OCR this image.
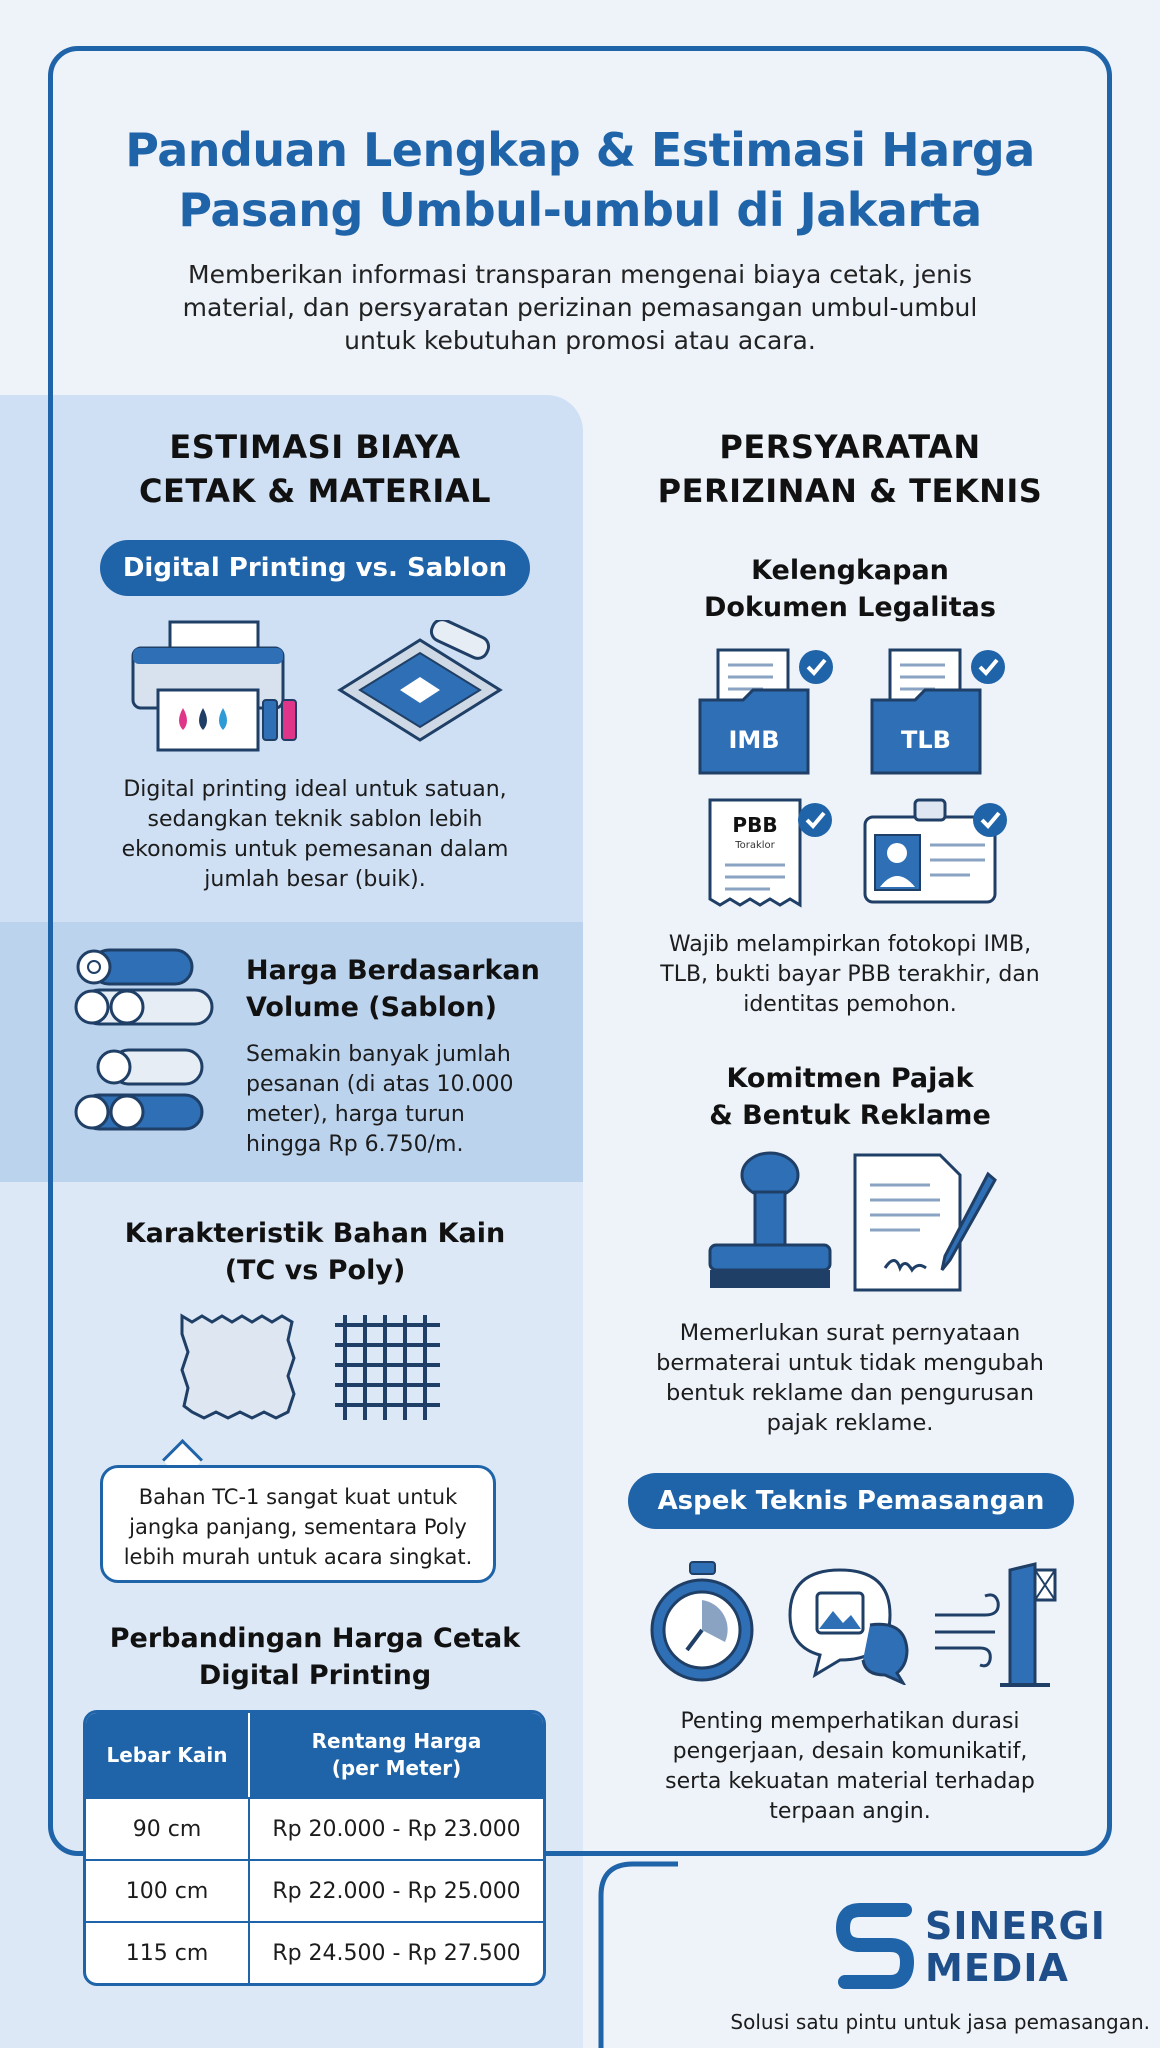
Panduan Lengkap & Estimasi Harga
Pasang Umbul-umbul di Jakarta
Memberikan informasi transparan mengenai biaya cetak, jenis
material, dan persyaratan perizinan pemasangan umbul-umbul
untuk kebutuhan promosi atau acara.
ESTIMASI BIAYA
CETAK & MATERIAL
Digital Printing vs. Sablon
Digital printing ideal untuk satuan,
sedangkan teknik sablon lebih
ekonomis untuk pemesanan dalam
jumlah besar (buik).
Harga Berdasarkan
Volume (Sablon)
Semakin banyak jumlah
pesanan (di atas 10.000
meter), harga turun
hingga Rp 6.750/m.
Karakteristik Bahan Kain
(TC vs Poly)
Bahan TC-1 sangat kuat untuk
jangka panjang, sementara Poly
lebih murah untuk acara singkat.
Perbandingan Harga Cetak
Digital Printing
Lebar Kain	Rentang Harga
(per Meter)
90 cm	Rp 20.000 - Rp 23.000
100 cm	Rp 22.000 - Rp 25.000
115 cm	Rp 24.500 - Rp 27.500
PERSYARATAN
PERIZINAN & TEKNIS
Kelengkapan
Dokumen Legalitas
IMB	TLB
PBB
Toraklor
Wajib melampirkan fotokopi IMB,
TLB, bukti bayar PBB terakhir, dan
identitas pemohon.
Komitmen Pajak
& Bentuk Reklame
Memerlukan surat pernyataan
bermaterai untuk tidak mengubah
bentuk reklame dan pengurusan
pajak reklame.
Aspek Teknis Pemasangan
Penting memperhatikan durasi
pengerjaan, desain komunikatif,
serta kekuatan material terhadap
terpaan angin.
SINERGI
MEDIA
Solusi satu pintu untuk jasa pemasangan.
